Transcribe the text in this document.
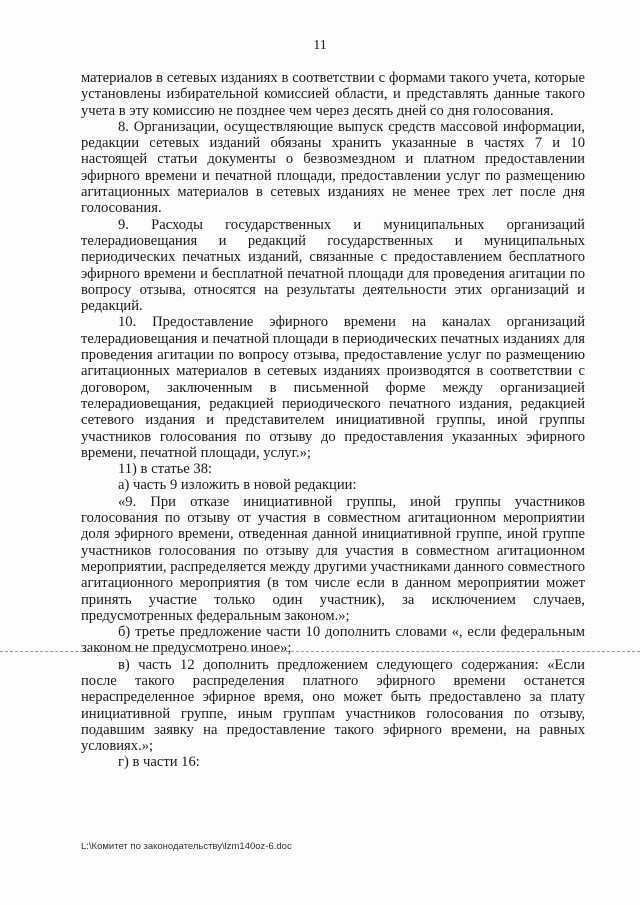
11

материалов в сетевых изданиях в соответствии с формами такого учета, которые установлены избирательной комиссией области, и представлять данные такого учета в эту комиссию не позднее чем через десять дней со дня голосования.

8. Организации, осуществляющие выпуск средств массовой информации, редакции сетевых изданий обязаны хранить указанные в частях 7 и 10 настоящей статьи документы о безвозмездном и платном предоставлении эфирного времени и печатной площади, предоставлении услуг по размещению агитационных материалов в сетевых изданиях не менее трех лет после дня голосования.

9. Расходы государственных и муниципальных организаций телерадиовещания и редакций государственных и муниципальных периодических печатных изданий, связанные с предоставлением бесплатного эфирного времени и бесплатной печатной площади для проведения агитации по вопросу отзыва, относятся на результаты деятельности этих организаций и редакций.

10. Предоставление эфирного времени на каналах организаций телерадиовещания и печатной площади в периодических печатных изданиях для проведения агитации по вопросу отзыва, предоставление услуг по размещению агитационных материалов в сетевых изданиях производятся в соответствии с договором, заключенным в письменной форме между организацией телерадиовещания, редакцией периодического печатного издания, редакцией сетевого издания и представителем инициативной группы, иной группы участников голосования по отзыву до предоставления указанных эфирного времени, печатной площади, услуг.»;

11) в статье 38:

а) часть 9 изложить в новой редакции:

«9. При отказе инициативной группы, иной группы участников голосования по отзыву от участия в совместном агитационном мероприятии доля эфирного времени, отведенная данной инициативной группе, иной группе участников голосования по отзыву для участия в совместном агитационном мероприятии, распределяется между другими участниками данного совместного агитационного мероприятия (в том числе если в данном мероприятии может принять участие только один участник), за исключением случаев, предусмотренных федеральным законом.»;

б) третье предложение части 10 дополнить словами «, если федеральным законом не предусмотрено иное»;

в) часть 12 дополнить предложением следующего содержания: «Если после такого распределения платного эфирного времени останется нераспределенное эфирное время, оно может быть предоставлено за плату инициативной группе, иным группам участников голосования по отзыву, подавшим заявку на предоставление такого эфирного времени, на равных условиях.»;

г) в части 16:

L:\Комитет по законодательству\lzm140oz-6.doc
